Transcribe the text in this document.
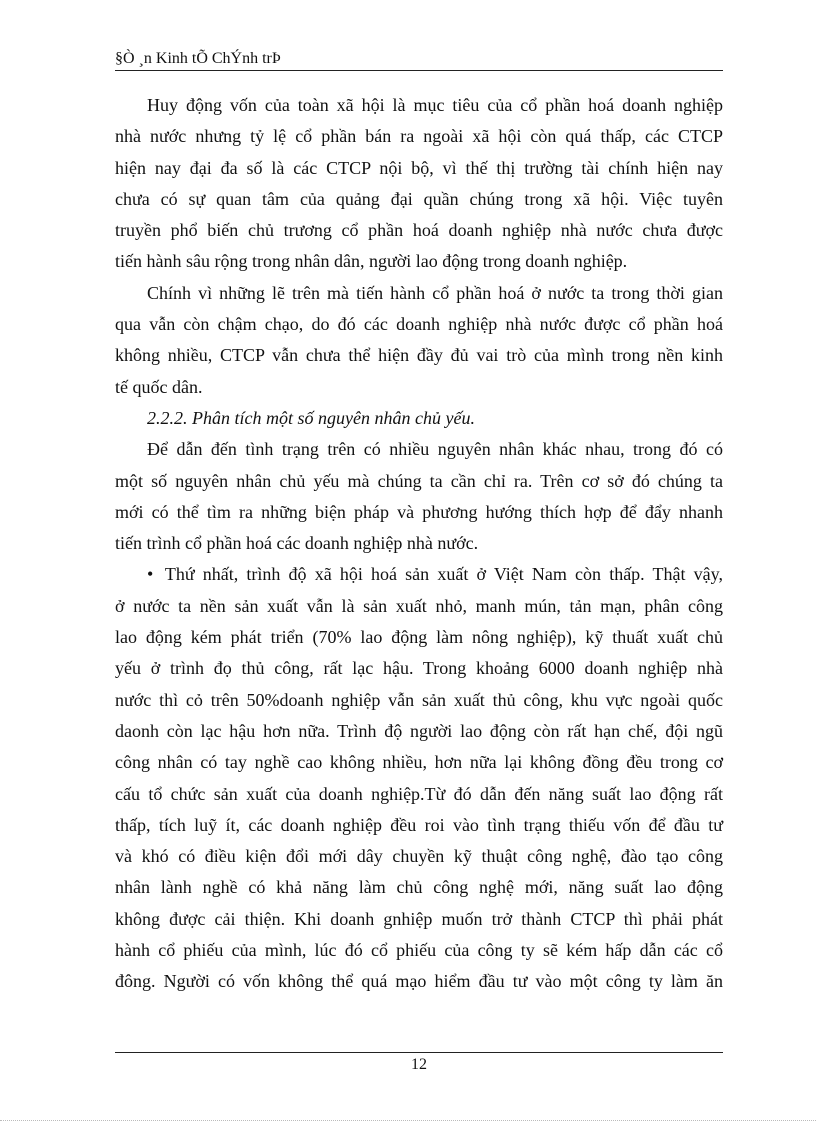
§Ò ¸n Kinh tÕ ChÝnh trÞ
Huy động vốn của toàn xã hội là mục tiêu của cổ phần hoá doanh nghiệp
nhà nước nhưng tỷ lệ cổ phần bán ra ngoài xã hội còn quá thấp, các CTCP
hiện nay đại đa số là các CTCP nội bộ, vì thế thị trường tài chính hiện nay
chưa có sự quan tâm của quảng đại quần chúng trong xã hội. Việc tuyên
truyền phổ biến chủ trương cổ phần hoá doanh nghiệp nhà nước chưa được
tiến hành sâu rộng trong nhân dân, người lao động trong doanh nghiệp.
Chính vì những lẽ trên mà tiến hành cổ phần hoá ở nước ta trong thời gian
qua vẫn còn chậm chạo, do đó các doanh nghiệp nhà nước được cổ phần hoá
không nhiều, CTCP vẫn chưa thể hiện đầy đủ vai trò của mình trong nền kinh
tế quốc dân.
2.2.2. Phân tích một số nguyên nhân chủ yếu.
Để dẫn đến tình trạng trên có nhiều nguyên nhân khác nhau, trong đó có
một số nguyên nhân chủ yếu mà chúng ta cần chỉ ra. Trên cơ sở đó chúng ta
mới có thể tìm ra những biện pháp và phương hướng thích hợp để đẩy nhanh
tiến trình cổ phần hoá các doanh nghiệp nhà nước.
• Thứ nhất, trình độ xã hội hoá sản xuất ở Việt Nam còn thấp. Thật vậy,
ở nước ta nền sản xuất vẫn là sản xuất nhỏ, manh mún, tản mạn, phân công
lao động kém phát triển (70% lao động làm nông nghiệp), kỹ thuất xuất chủ
yếu ở trình đọ thủ công, rất lạc hậu. Trong khoảng 6000 doanh nghiệp nhà
nước thì cỏ trên 50%doanh nghiệp vẫn sản xuất thủ công, khu vực ngoài quốc
daonh còn lạc hậu hơn nữa. Trình độ người lao động còn rất hạn chế, đội ngũ
công nhân có tay nghề cao không nhiều, hơn nữa lại không đồng đều trong cơ
cấu tổ chức sản xuất của doanh nghiệp.Từ đó dẫn đến năng suất lao động rất
thấp, tích luỹ ít, các doanh nghiệp đều roi vào tình trạng thiếu vốn để đầu tư
và khó có điều kiện đổi mới dây chuyền kỹ thuật công nghệ, đào tạo công
nhân lành nghề có khả năng làm chủ công nghệ mới, năng suất lao động
không được cải thiện. Khi doanh gnhiệp muốn trở thành CTCP thì phải phát
hành cổ phiếu của mình, lúc đó cổ phiếu của công ty sẽ kém hấp dẫn các cổ
đông. Người có vốn không thể quá mạo hiểm đầu tư vào một công ty làm ăn
12
